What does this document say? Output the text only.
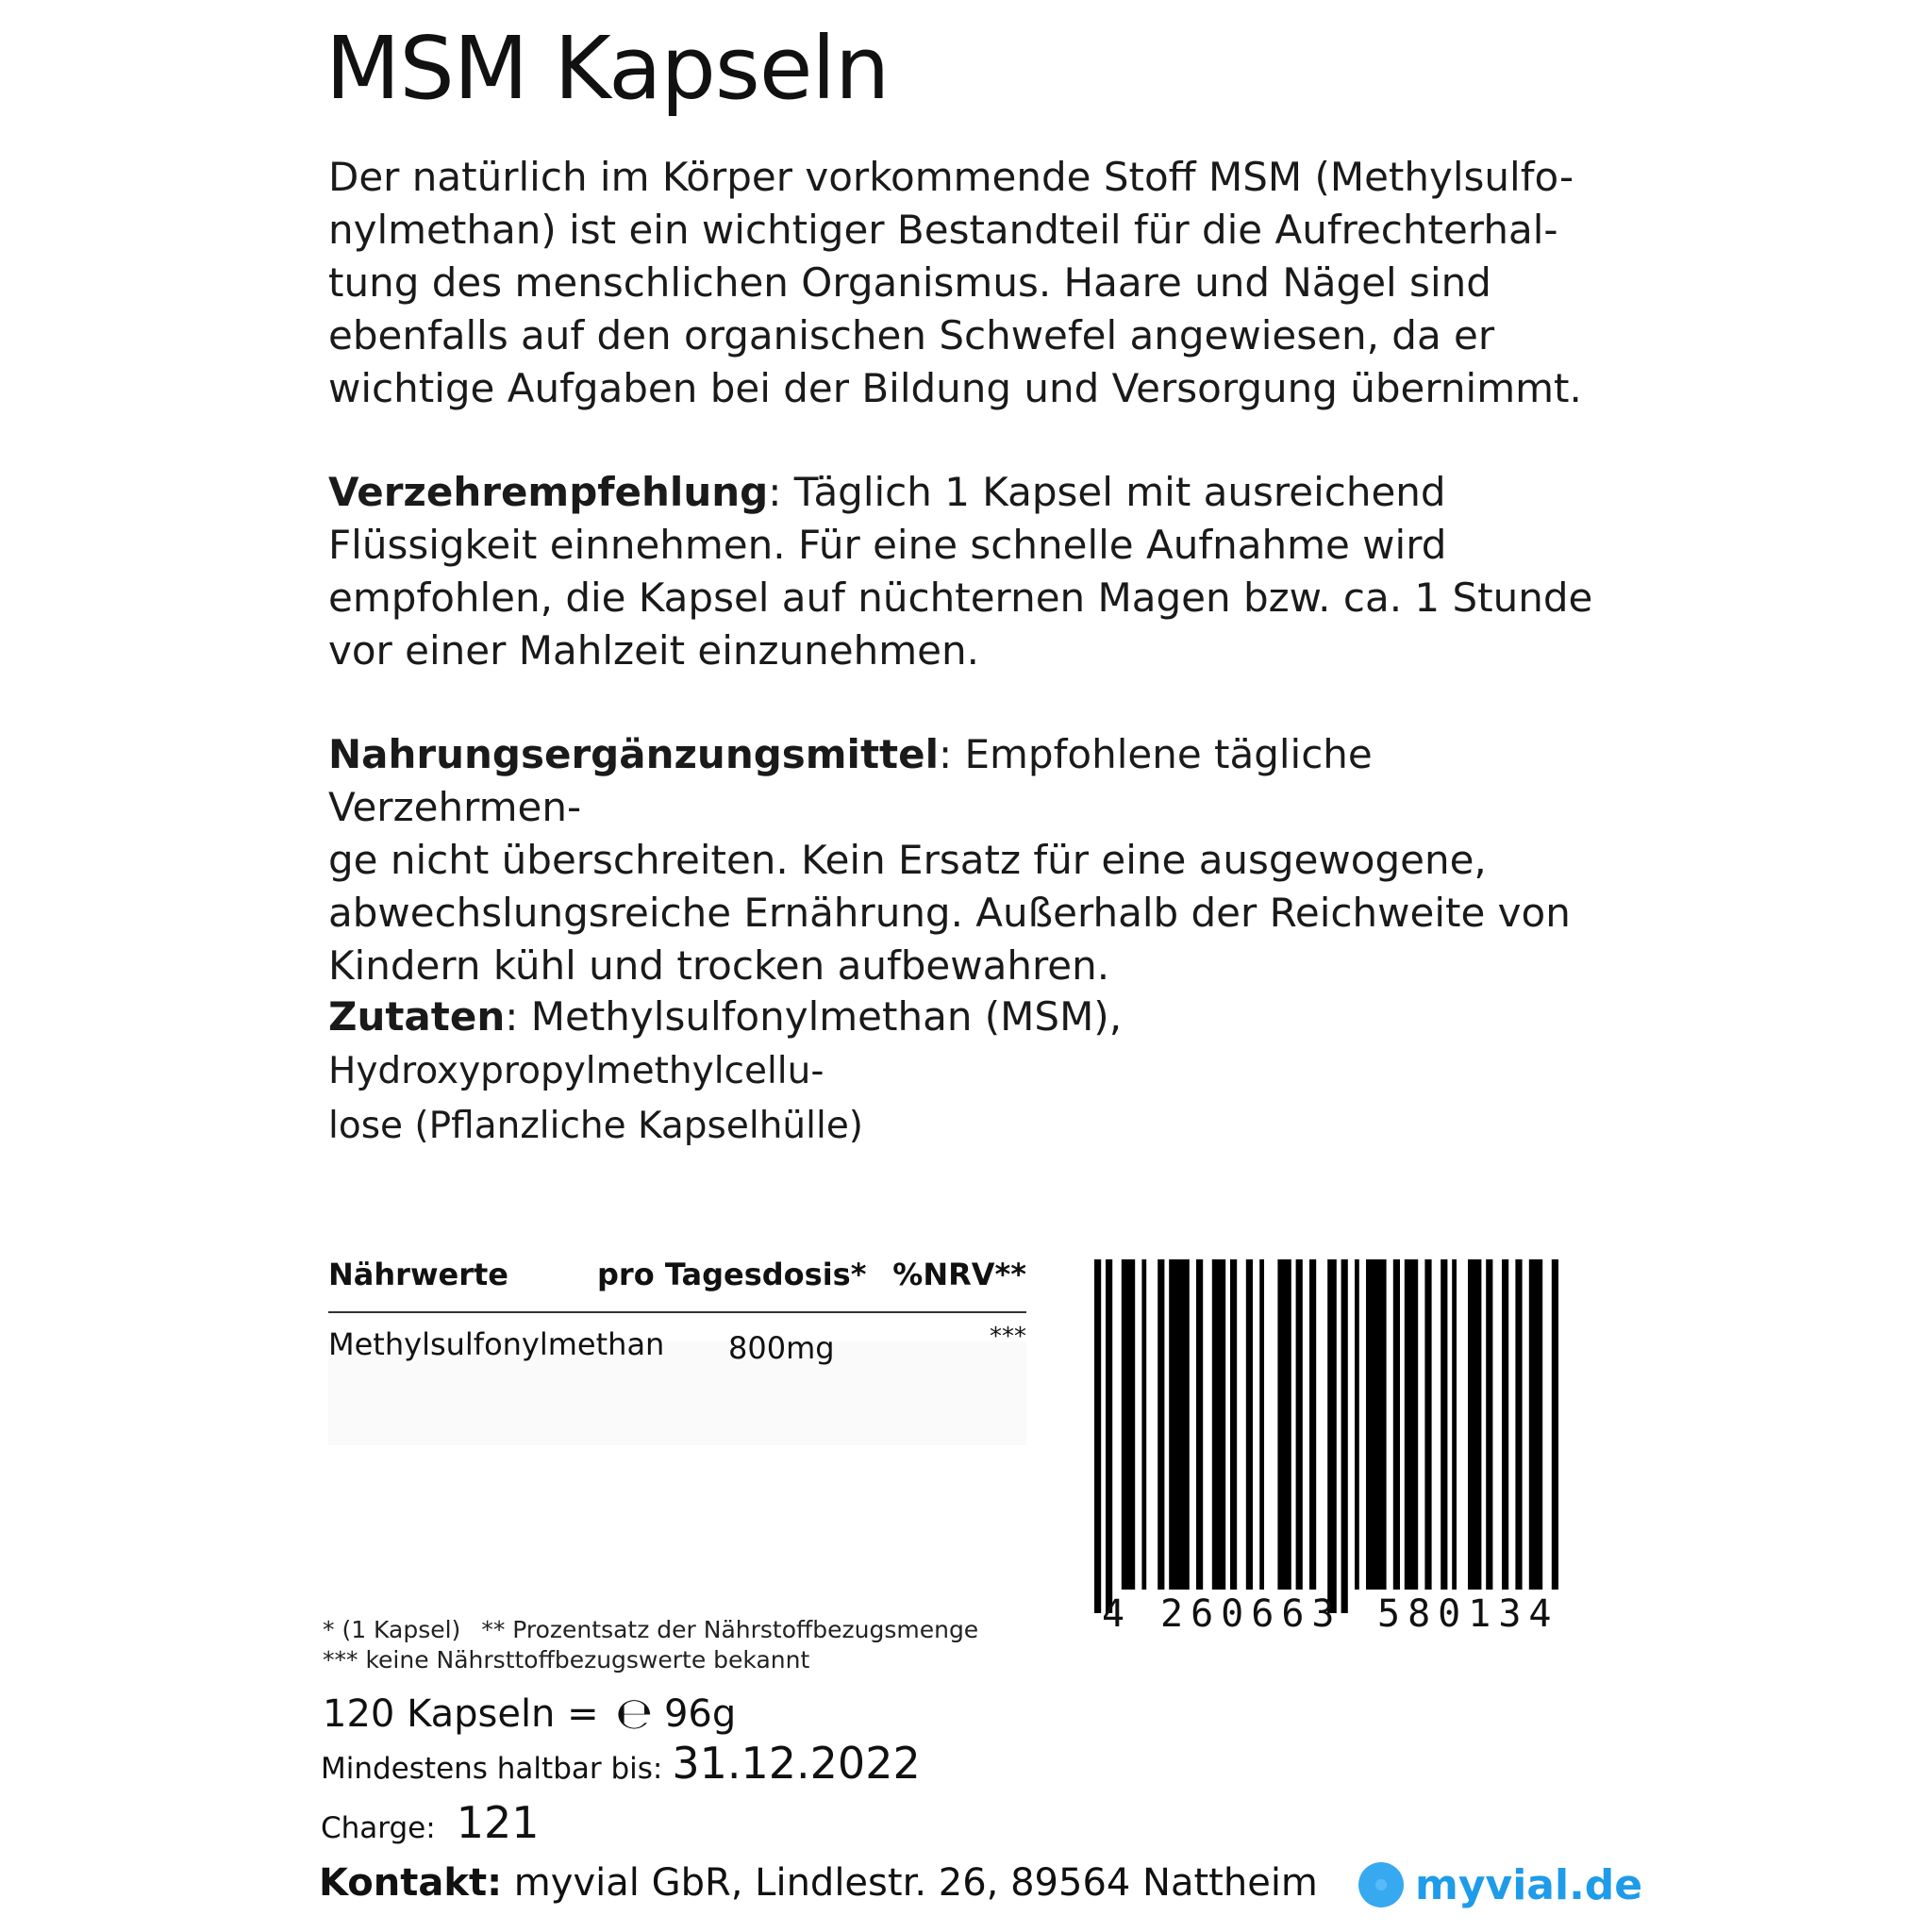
MSM Kapseln

Der natürlich im Körper vorkommende Stoff MSM (Methylsulfo-
nylmethan) ist ein wichtiger Bestandteil für die Aufrechterhal-
tung des menschlichen Organismus. Haare und Nägel sind
ebenfalls auf den organischen Schwefel angewiesen, da er
wichtige Aufgaben bei der Bildung und Versorgung übernimmt.

Verzehrempfehlung: Täglich 1 Kapsel mit ausreichend
Flüssigkeit einnehmen. Für eine schnelle Aufnahme wird
empfohlen, die Kapsel auf nüchternen Magen bzw. ca. 1 Stunde
vor einer Mahlzeit einzunehmen.

Nahrungsergänzungsmittel: Empfohlene tägliche Verzehrmen-
ge nicht überschreiten. Kein Ersatz für eine ausgewogene,
abwechslungsreiche Ernährung. Außerhalb der Reichweite von
Kindern kühl und trocken aufbewahren.

Zutaten: Methylsulfonylmethan (MSM), Hydroxypropylmethylcellu-
lose (Pflanzliche Kapselhülle)

Nährwerte	pro Tagesdosis* %NRV**
Methylsulfonylmethan 800mg	***
4 260663 580134
* (1 Kapsel) ** Prozentsatz der Nährstoffbezugsmenge
*** keine Nährsttoffbezugswerte bekannt
120 Kapseln = ℮ 96g
Mindestens haltbar bis: 31.12.2022
Charge: 121
Kontakt: myvial GbR, Lindlestr. 26, 89564 Nattheim myvial.de
